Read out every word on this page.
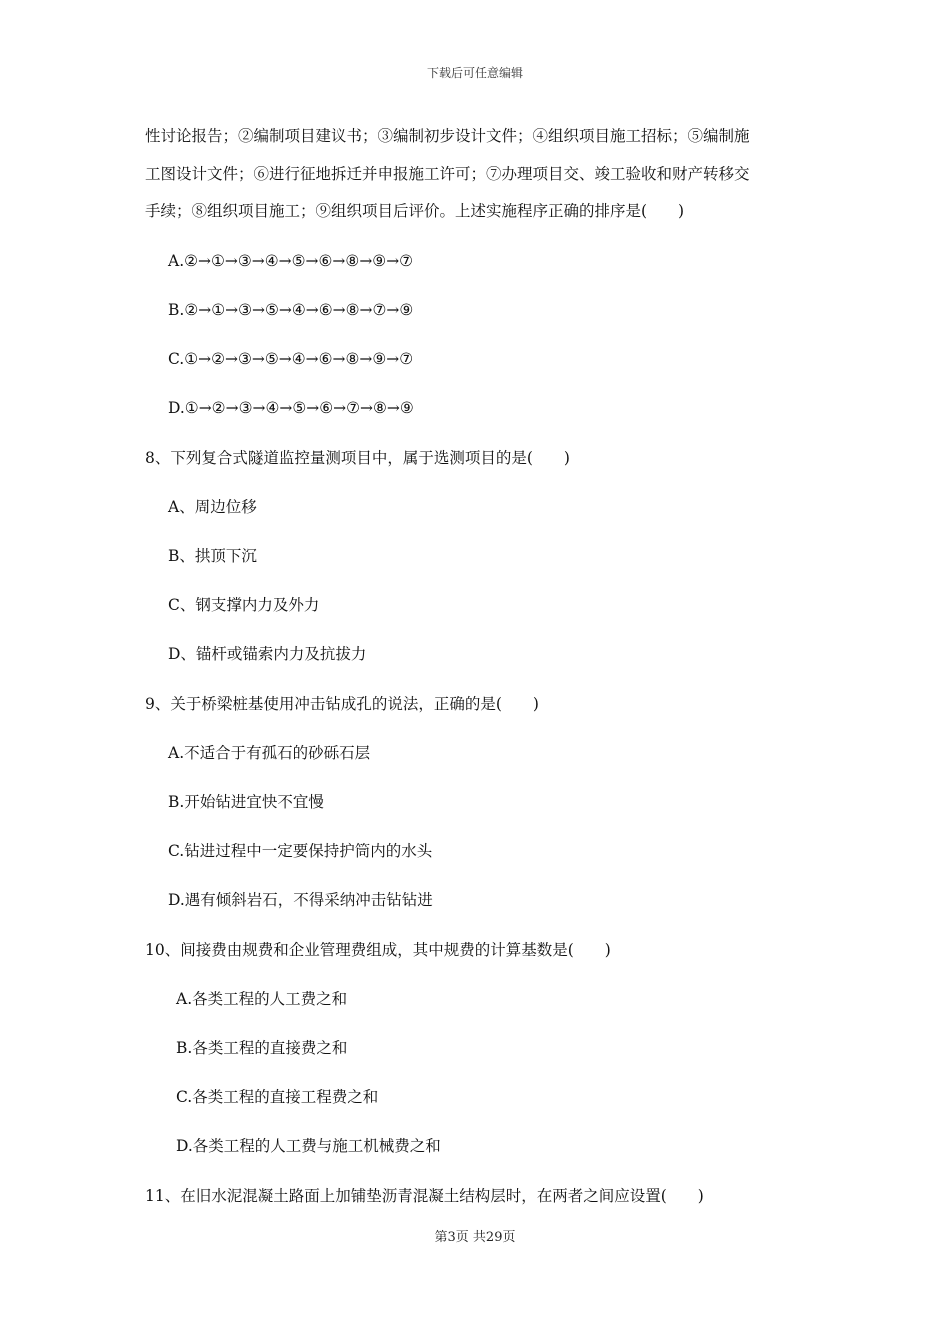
下载后可任意编辑
性讨论报告；②编制项目建议书；③编制初步设计文件；④组织项目施工招标；⑤编制施
工图设计文件；⑥进行征地拆迁并申报施工许可；⑦办理项目交、竣工验收和财产转移交
手续；⑧组织项目施工；⑨组织项目后评价。上述实施程序正确的排序是(　　)
A.②→①→③→④→⑤→⑥→⑧→⑨→⑦
B.②→①→③→⑤→④→⑥→⑧→⑦→⑨
C.①→②→③→⑤→④→⑥→⑧→⑨→⑦
D.①→②→③→④→⑤→⑥→⑦→⑧→⑨
8、下列复合式隧道监控量测项目中，属于选测项目的是(　　)
A、周边位移
B、拱顶下沉
C、钢支撑内力及外力
D、锚杆或锚索内力及抗拔力
9、关于桥梁桩基使用冲击钻成孔的说法，正确的是(　　)
A.不适合于有孤石的砂砾石层
B.开始钻进宜快不宜慢
C.钻进过程中一定要保持护筒内的水头
D.遇有倾斜岩石，不得采纳冲击钻钻进
10、间接费由规费和企业管理费组成，其中规费的计算基数是(　　)
A.各类工程的人工费之和
B.各类工程的直接费之和
C.各类工程的直接工程费之和
D.各类工程的人工费与施工机械费之和
11、在旧水泥混凝土路面上加铺垫沥青混凝土结构层时，在两者之间应设置(　　)
第3页 共29页
